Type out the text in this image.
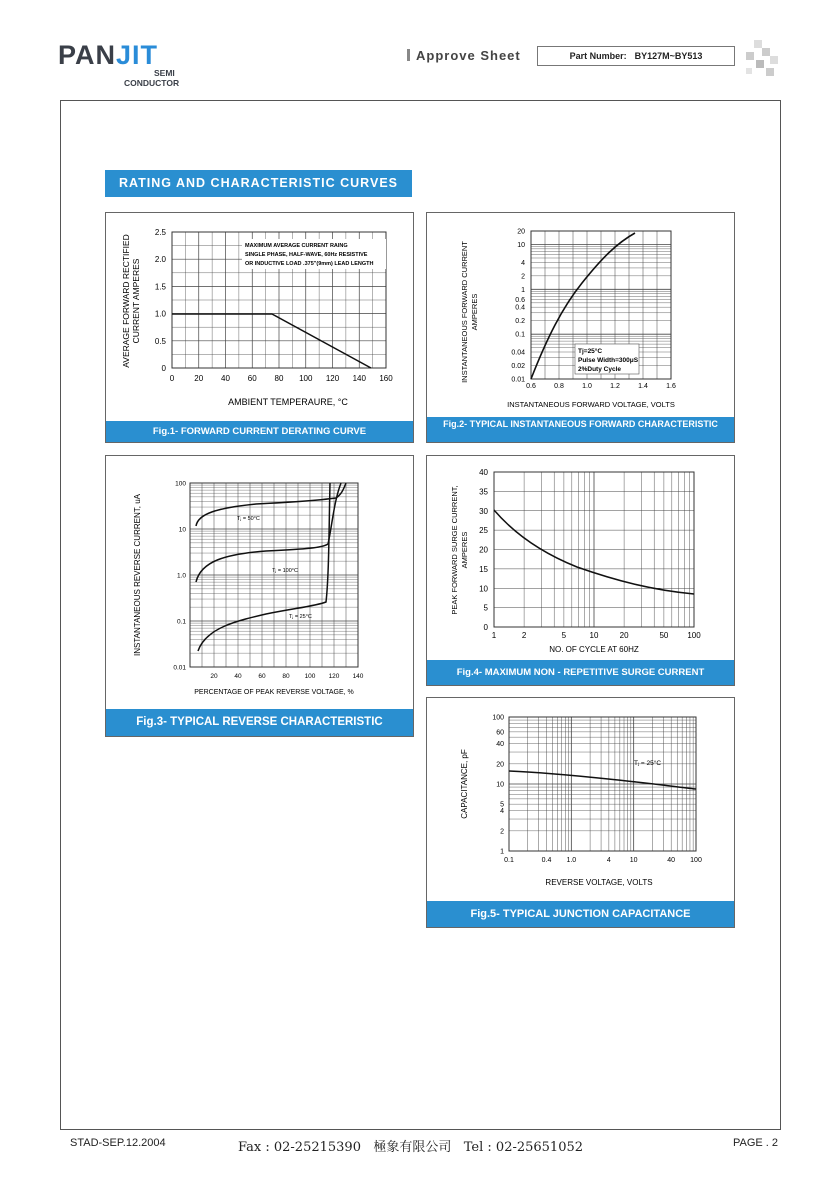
PANJIT
SEMI
CONDUCTOR
Approve Sheet	Part Number: BY127M~BY513
RATING AND CHARACTERISTIC CURVES
MAXIMUM AVERAGE CURRENT RAING
SINGLE PHASE, HALF-WAVE, 60Hz RESISTIVE
OR INDUCTIVE LOAD .375"(9mm) LEAD LENGTH
0	20 40 60 80 100 120 140 160
0
0.5
1.0
1.5
2.0
2.5
AMBIENT TEMPERAURE, °C
AVERAGE FORWARD RECTIFIED CURRENT AMPERES
Fig.1- FORWARD CURRENT DERATING CURVE
Tj=25°C
Pulse Width=300μS
2%Duty Cycle
0.6	0.8	1.0	1.2	1.4	1.6
20
10
4
2
1
0.6
0.4
0.2
0.1
0.04
0.02
0.01
INSTANTANEOUS FORWARD VOLTAGE, VOLTS
INSTANTANEOUS FORWARD CURRENT AMPERES
Fig.2- TYPICAL INSTANTANEOUS FORWARD CHARACTERISTIC
Tⱼ = 50°C
Tⱼ = 100°C
Tⱼ = 25°C
20	40	60	80 100 120 140
100
10
1.0
0.1
0.01
PERCENTAGE OF PEAK REVERSE VOLTAGE, %
INSTANTANEOUS REVERSE CURRENT, uA
Fig.3- TYPICAL REVERSE CHARACTERISTIC
1	2	5	10	20	50 100
0
5
10
15
20
25
30
35
40
NO. OF CYCLE AT 60HZ
PEAK FORWARD SURGE CURRENT, AMPERES
Fig.4- MAXIMUM NON - REPETITIVE SURGE CURRENT
Tⱼ = 25°C
0.1	0.4 1.0	4	10	40 100
100
60
40
20
10
5
4
2
1
REVERSE VOLTAGE, VOLTS
CAPACITANCE, pF
Fig.5- TYPICAL JUNCTION CAPACITANCE
STAD-SEP.12.2004	Fax : 02-25215390   極象有限公司   Tel : 02-25651052	PAGE . 2
